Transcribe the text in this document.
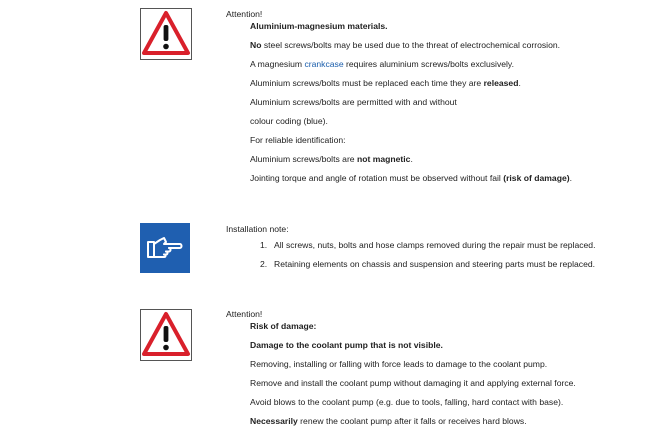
Attention!
Aluminium-magnesium materials.
No steel screws/bolts may be used due to the threat of electrochemical corrosion.
A magnesium crankcase requires aluminium screws/bolts exclusively.
Aluminium screws/bolts must be replaced each time they are released.
Aluminium screws/bolts are permitted with and without
colour coding (blue).
For reliable identification:
Aluminium screws/bolts are not magnetic.
Jointing torque and angle of rotation must be observed without fail (risk of damage).
Installation note:
1. All screws, nuts, bolts and hose clamps removed during the repair must be replaced.
2. Retaining elements on chassis and suspension and steering parts must be replaced.
Attention!
Risk of damage:
Damage to the coolant pump that is not visible.
Removing, installing or falling with force leads to damage to the coolant pump.
Remove and install the coolant pump without damaging it and applying external force.
Avoid blows to the coolant pump (e.g. due to tools, falling, hard contact with base).
Necessarily renew the coolant pump after it falls or receives hard blows.
